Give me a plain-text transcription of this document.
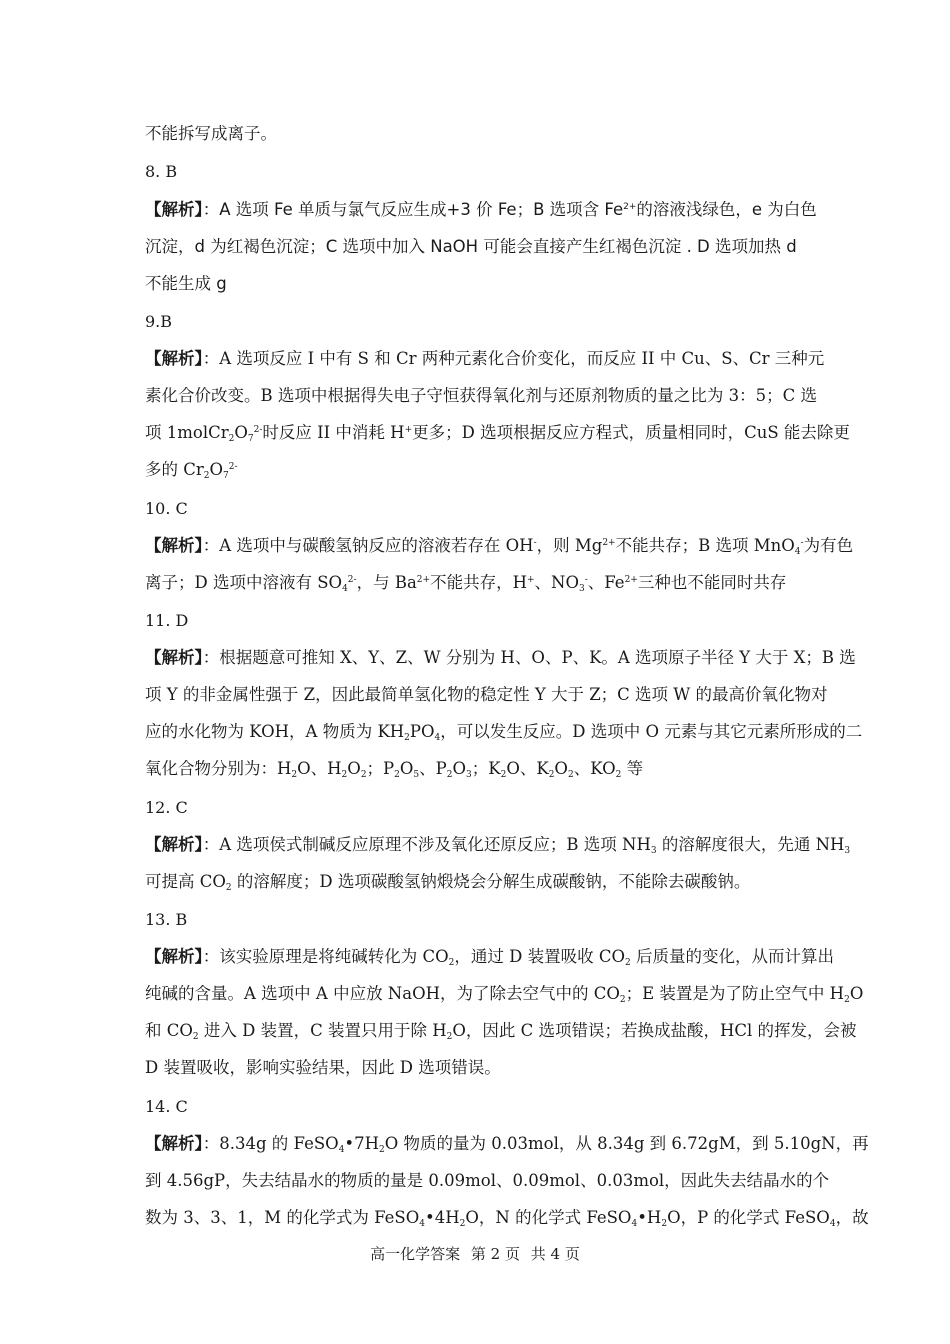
不能拆写成离子。
8. B
【解析】：A 选项 Fe 单质与氯气反应生成+3 价 Fe；B 选项含 $Fe^{2+}$的溶液浅绿色，e 为白色
沉淀，d 为红褐色沉淀；C 选项中加入 NaOH 可能会直接产生红褐色沉淀 . D 选项加热 d
不能生成 g
9.B
【解析】：A 选项反应 I 中有 S 和 Cr 两种元素化合价变化，而反应 II 中 Cu、S、Cr 三种元
素化合价改变。B 选项中根据得失电子守恒获得氧化剂与还原剂物质的量之比为 3：5；C 选
项 $1molCr_2O_7^{2-}$时反应 II 中消耗 H+更多；D 选项根据反应方程式，质量相同时，CuS 能去除更
多的 $Cr_2O_7^{2-}$
10. C
【解析】：A 选项中与碳酸氢钠反应的溶液若存在 OH-，则 $Mg^{2+}$不能共存；B 选项 MnO$_4$-为有色
离子；D 选项中溶液有 $SO_4^{2-}$，与 $Ba^{2+}$不能共存，H+、$NO_3^-$、$Fe^{2+}$三种也不能同时共存
11. D
【解析】：根据题意可推知 X、Y、Z、W 分别为 H、O、P、K。A 选项原子半径 Y 大于 X；B 选
项 Y 的非金属性强于 Z，因此最简单氢化物的稳定性 Y 大于 Z；C 选项 W 的最高价氧化物对
应的水化物为 KOH，A 物质为 $KH_2PO_4$，可以发生反应。D 选项中 O 元素与其它元素所形成的二
氧化合物分别为：$H_2O$、$H_2O_2$；$P_2O_5$、$P_2O_3$；$K_2O$、$K_2O_2$、$KO_2$ 等
12. C
【解析】：A 选项侯式制碱反应原理不涉及氧化还原反应；B 选项 $NH_3$ 的溶解度很大，先通 $NH_3$
可提高 $CO_2$ 的溶解度；D 选项碳酸氢钠煅烧会分解生成碳酸钠，不能除去碳酸钠。
13. B
【解析】：该实验原理是将纯碱转化为 $CO_2$，通过 D 装置吸收 $CO_2$ 后质量的变化，从而计算出
纯碱的含量。A 选项中 A 中应放 NaOH，为了除去空气中的 $CO_2$；E 装置是为了防止空气中 $H_2O$
和 $CO_2$ 进入 D 装置，C 装置只用于除 $H_2O$，因此 C 选项错误；若换成盐酸，HCl 的挥发，会被
D 装置吸收，影响实验结果，因此 D 选项错误。
14. C
【解析】：8.34g 的 $FeSO_4•7H_2O$ 物质的量为 0.03mol，从 8.34g 到 6.72gM，到 5.10gN，再
到 4.56gP，失去结晶水的物质的量是 0.09mol、0.09mol、0.03mol，因此失去结晶水的个
数为 3、3、1，M 的化学式为 $FeSO_4•4H_2O$，N 的化学式 $FeSO_4•H_2O$，P 的化学式 FeSO$_4$，故
高一化学答案 第 2 页 共 4 页
